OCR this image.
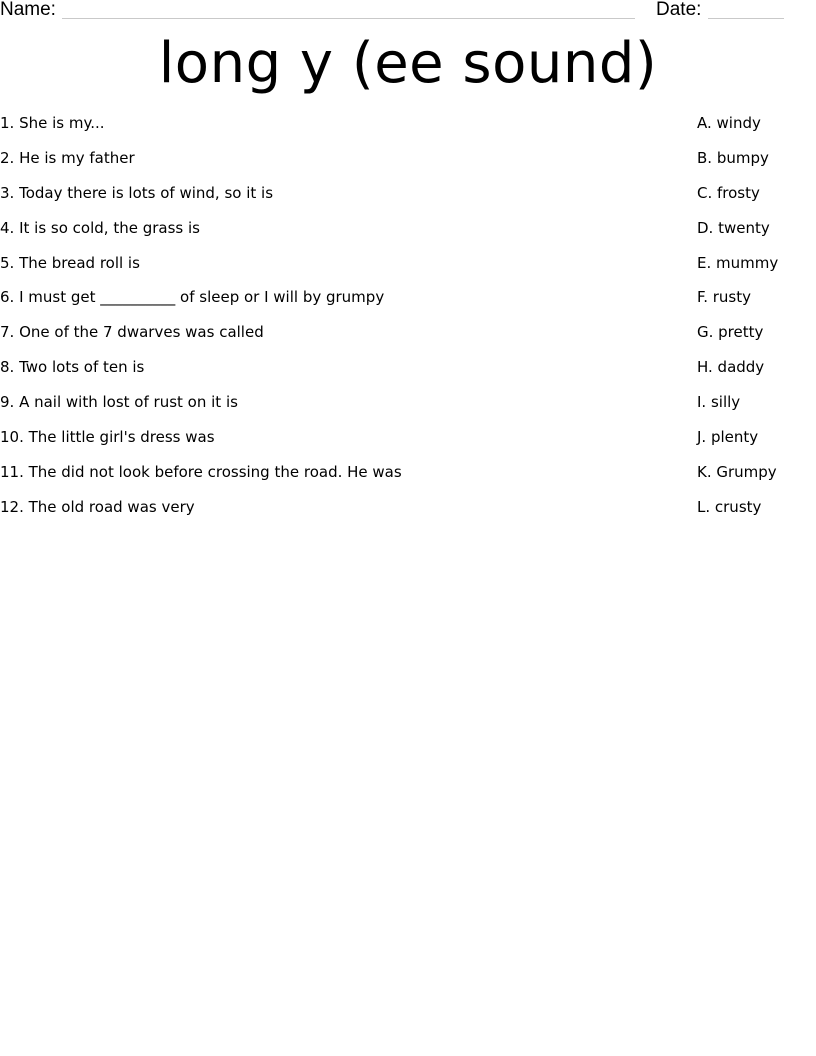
Name:	Date:
long y (ee sound)
1. She is my...
2. He is my father
3. Today there is lots of wind, so it is
4. It is so cold, the grass is
5. The bread roll is
6. I must get __________ of sleep or I will by grumpy
7. One of the 7 dwarves was called
8. Two lots of ten is
9. A nail with lost of rust on it is
10. The little girl's dress was
11. The did not look before crossing the road. He was
12. The old road was very
A. windy
B. bumpy
C. frosty
D. twenty
E. mummy
F. rusty
G. pretty
H. daddy
I. silly
J. plenty
K. Grumpy
L. crusty
